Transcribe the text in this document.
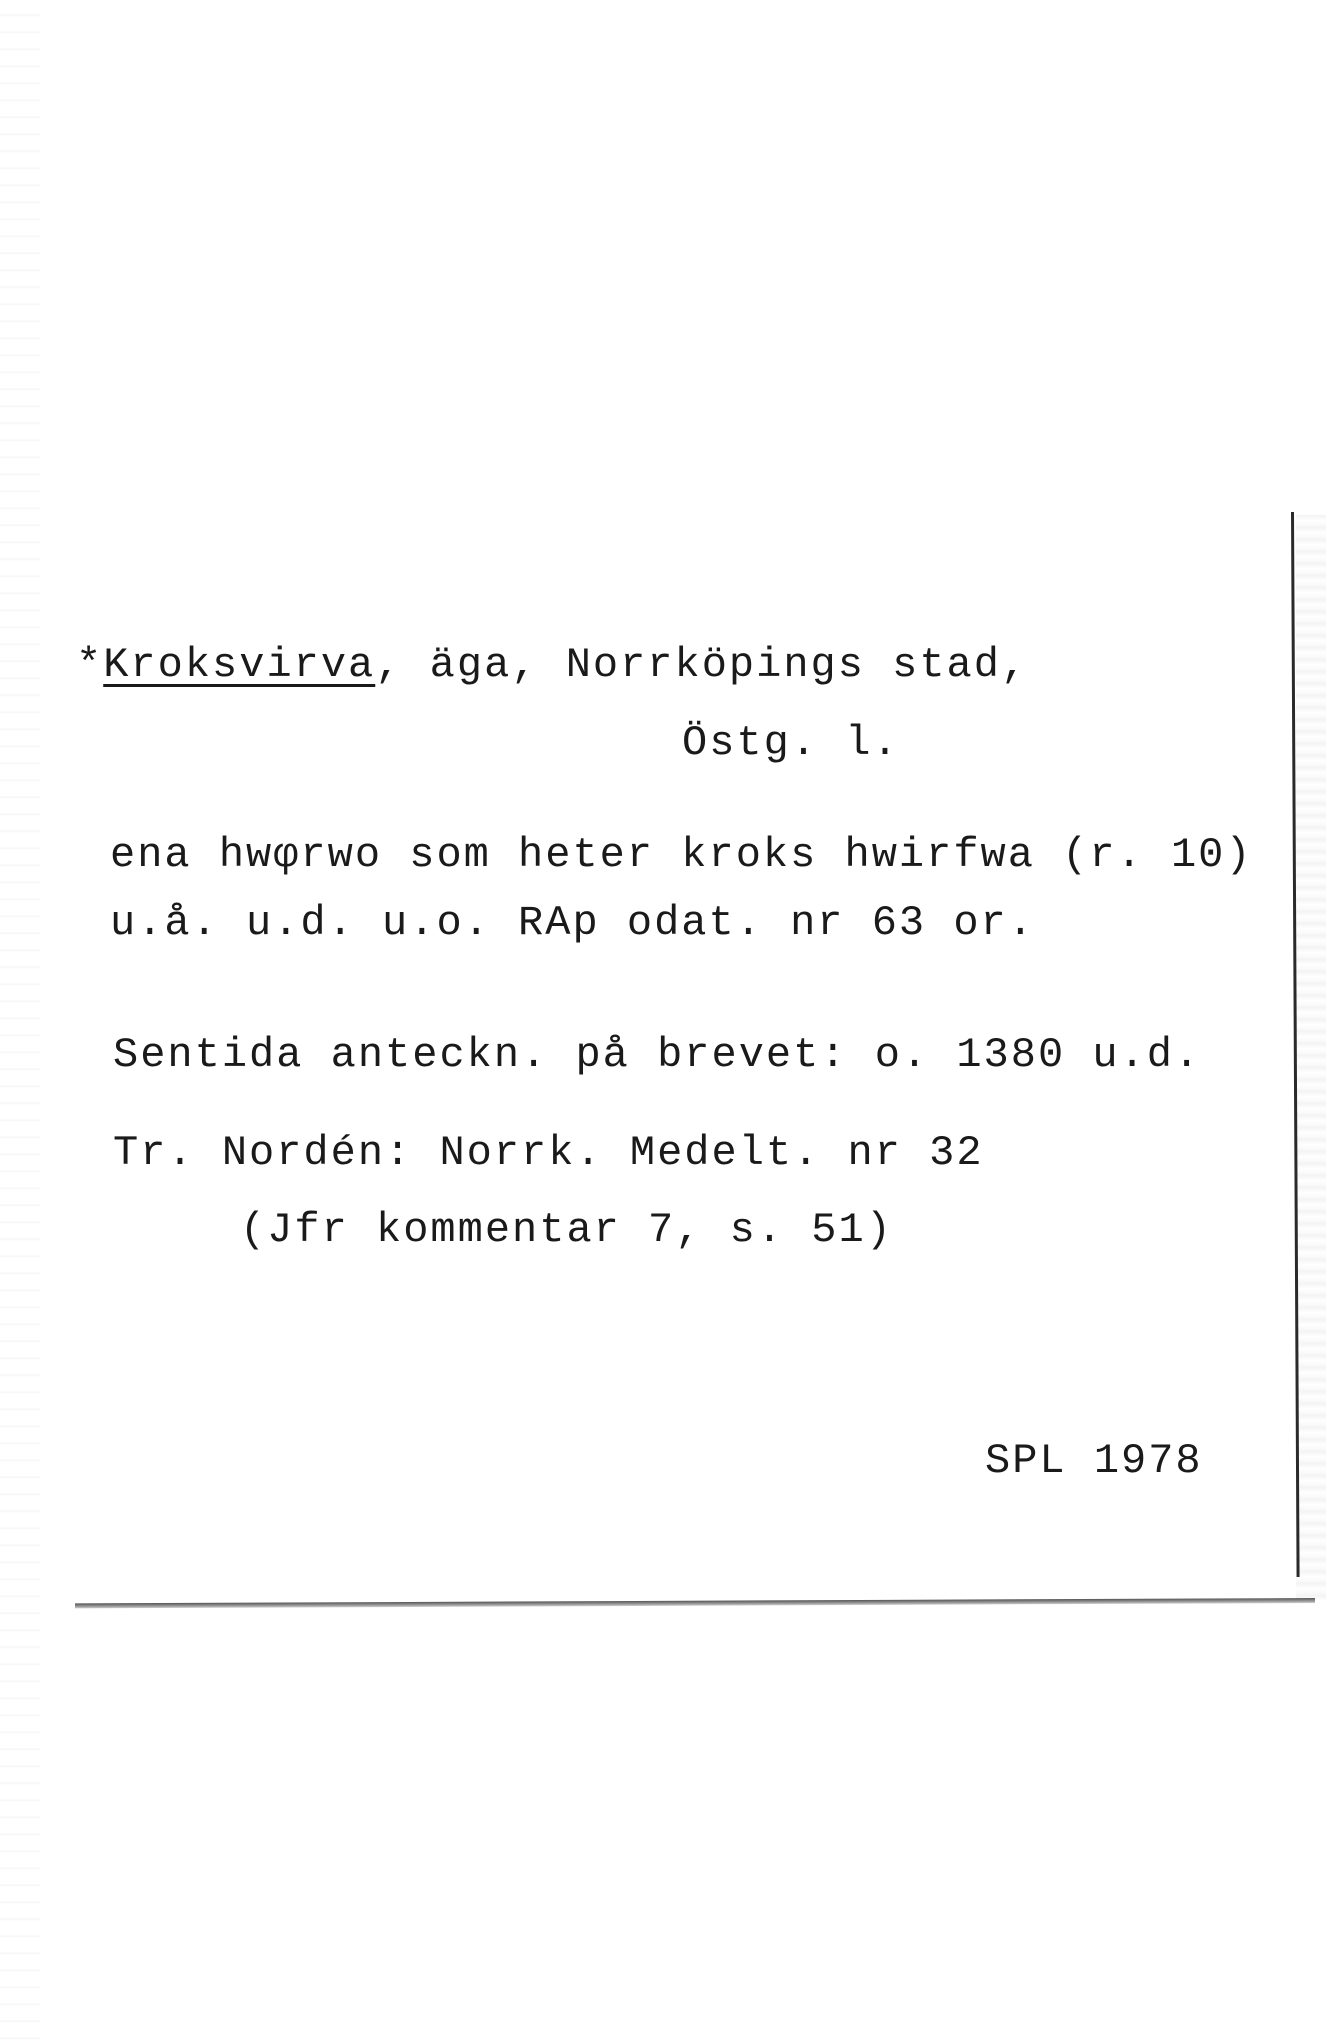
*Kroksvirva, äga, Norrköpings stad,
Östg. l.
ena hwφrwo som heter kroks hwirfwa (r. 10)
u.å. u.d. u.o. RAp odat. nr 63 or.
Sentida anteckn. på brevet: o. 1380 u.d.
Tr. Nordén: Norrk. Medelt. nr 32
(Jfr kommentar 7, s. 51)
SPL 1978
